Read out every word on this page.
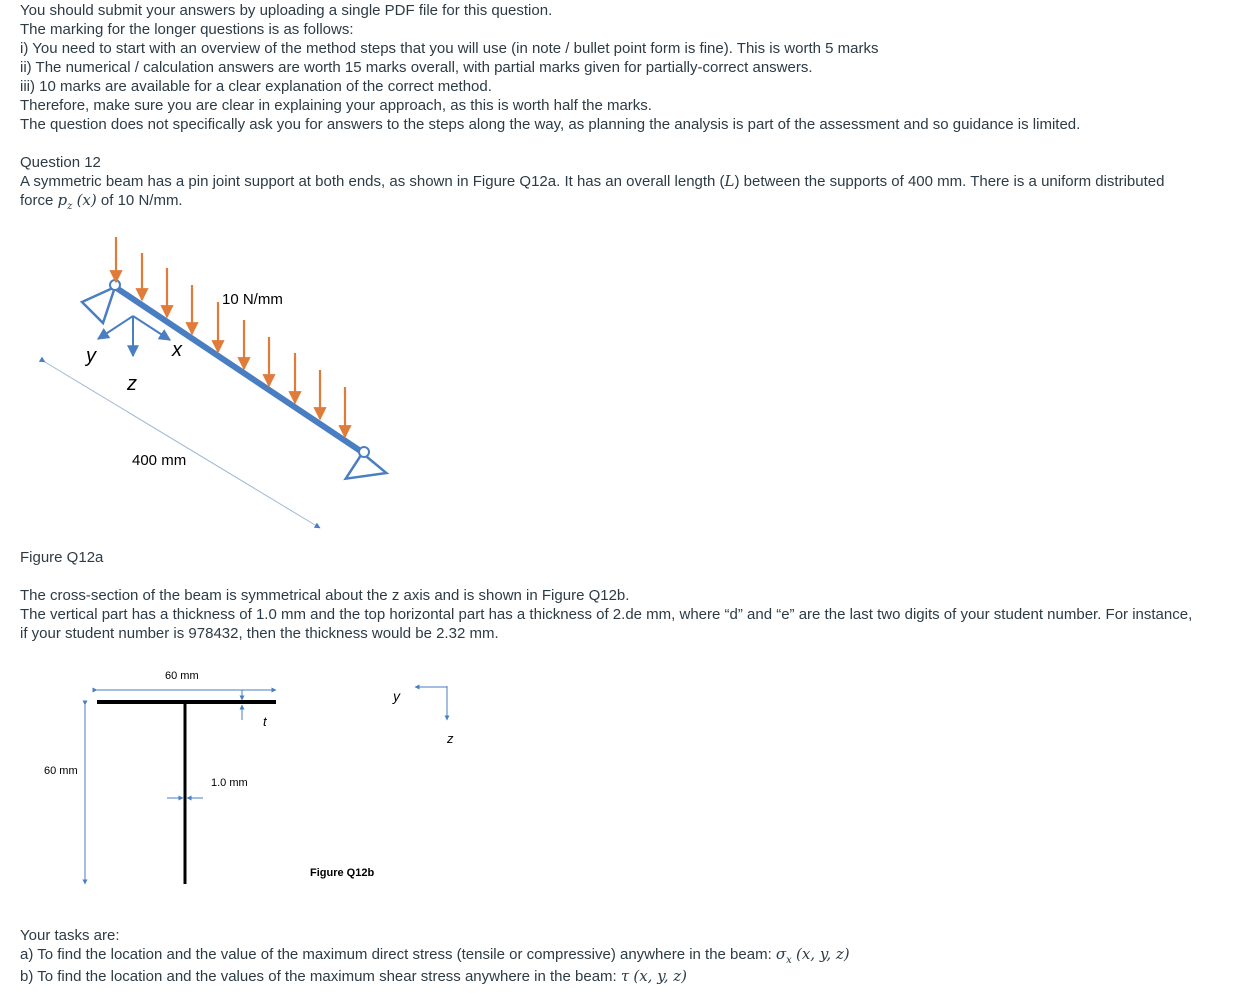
You should submit your answers by uploading a single PDF file for this question.

The marking for the longer questions is as follows:

i) You need to start with an overview of the method steps that you will use (in note / bullet point form is fine). This is worth 5 marks

ii) The numerical / calculation answers are worth 15 marks overall, with partial marks given for partially-correct answers.

iii) 10 marks are available for a clear explanation of the correct method.

Therefore, make sure you are clear in explaining your approach, as this is worth half the marks.

The question does not specifically ask you for answers to the steps along the way, as planning the analysis is part of the assessment and so guidance is limited.

Question 12

A symmetric beam has a pin joint support at both ends, as shown in Figure Q12a. It has an overall length (L) between the supports of 400 mm. There is a uniform distributed

force $p_z$ (x) of 10 N/mm.

10 N/mm
y	x
z
400 mm

Figure Q12a

The cross-section of the beam is symmetrical about the z axis and is shown in Figure Q12b.

The vertical part has a thickness of 1.0 mm and the top horizontal part has a thickness of 2.de mm, where “d” and “e” are the last two digits of your student number. For instance,

if your student number is 978432, then the thickness would be 2.32 mm.

60 mm
60 mm
t
1.0 mm
y
z
Figure Q12b

Your tasks are:

a) To find the location and the value of the maximum direct stress (tensile or compressive) anywhere in the beam: $\sigma_x$ (x, y, z)

b) To find the location and the values of the maximum shear stress anywhere in the beam: τ (x, y, z)
